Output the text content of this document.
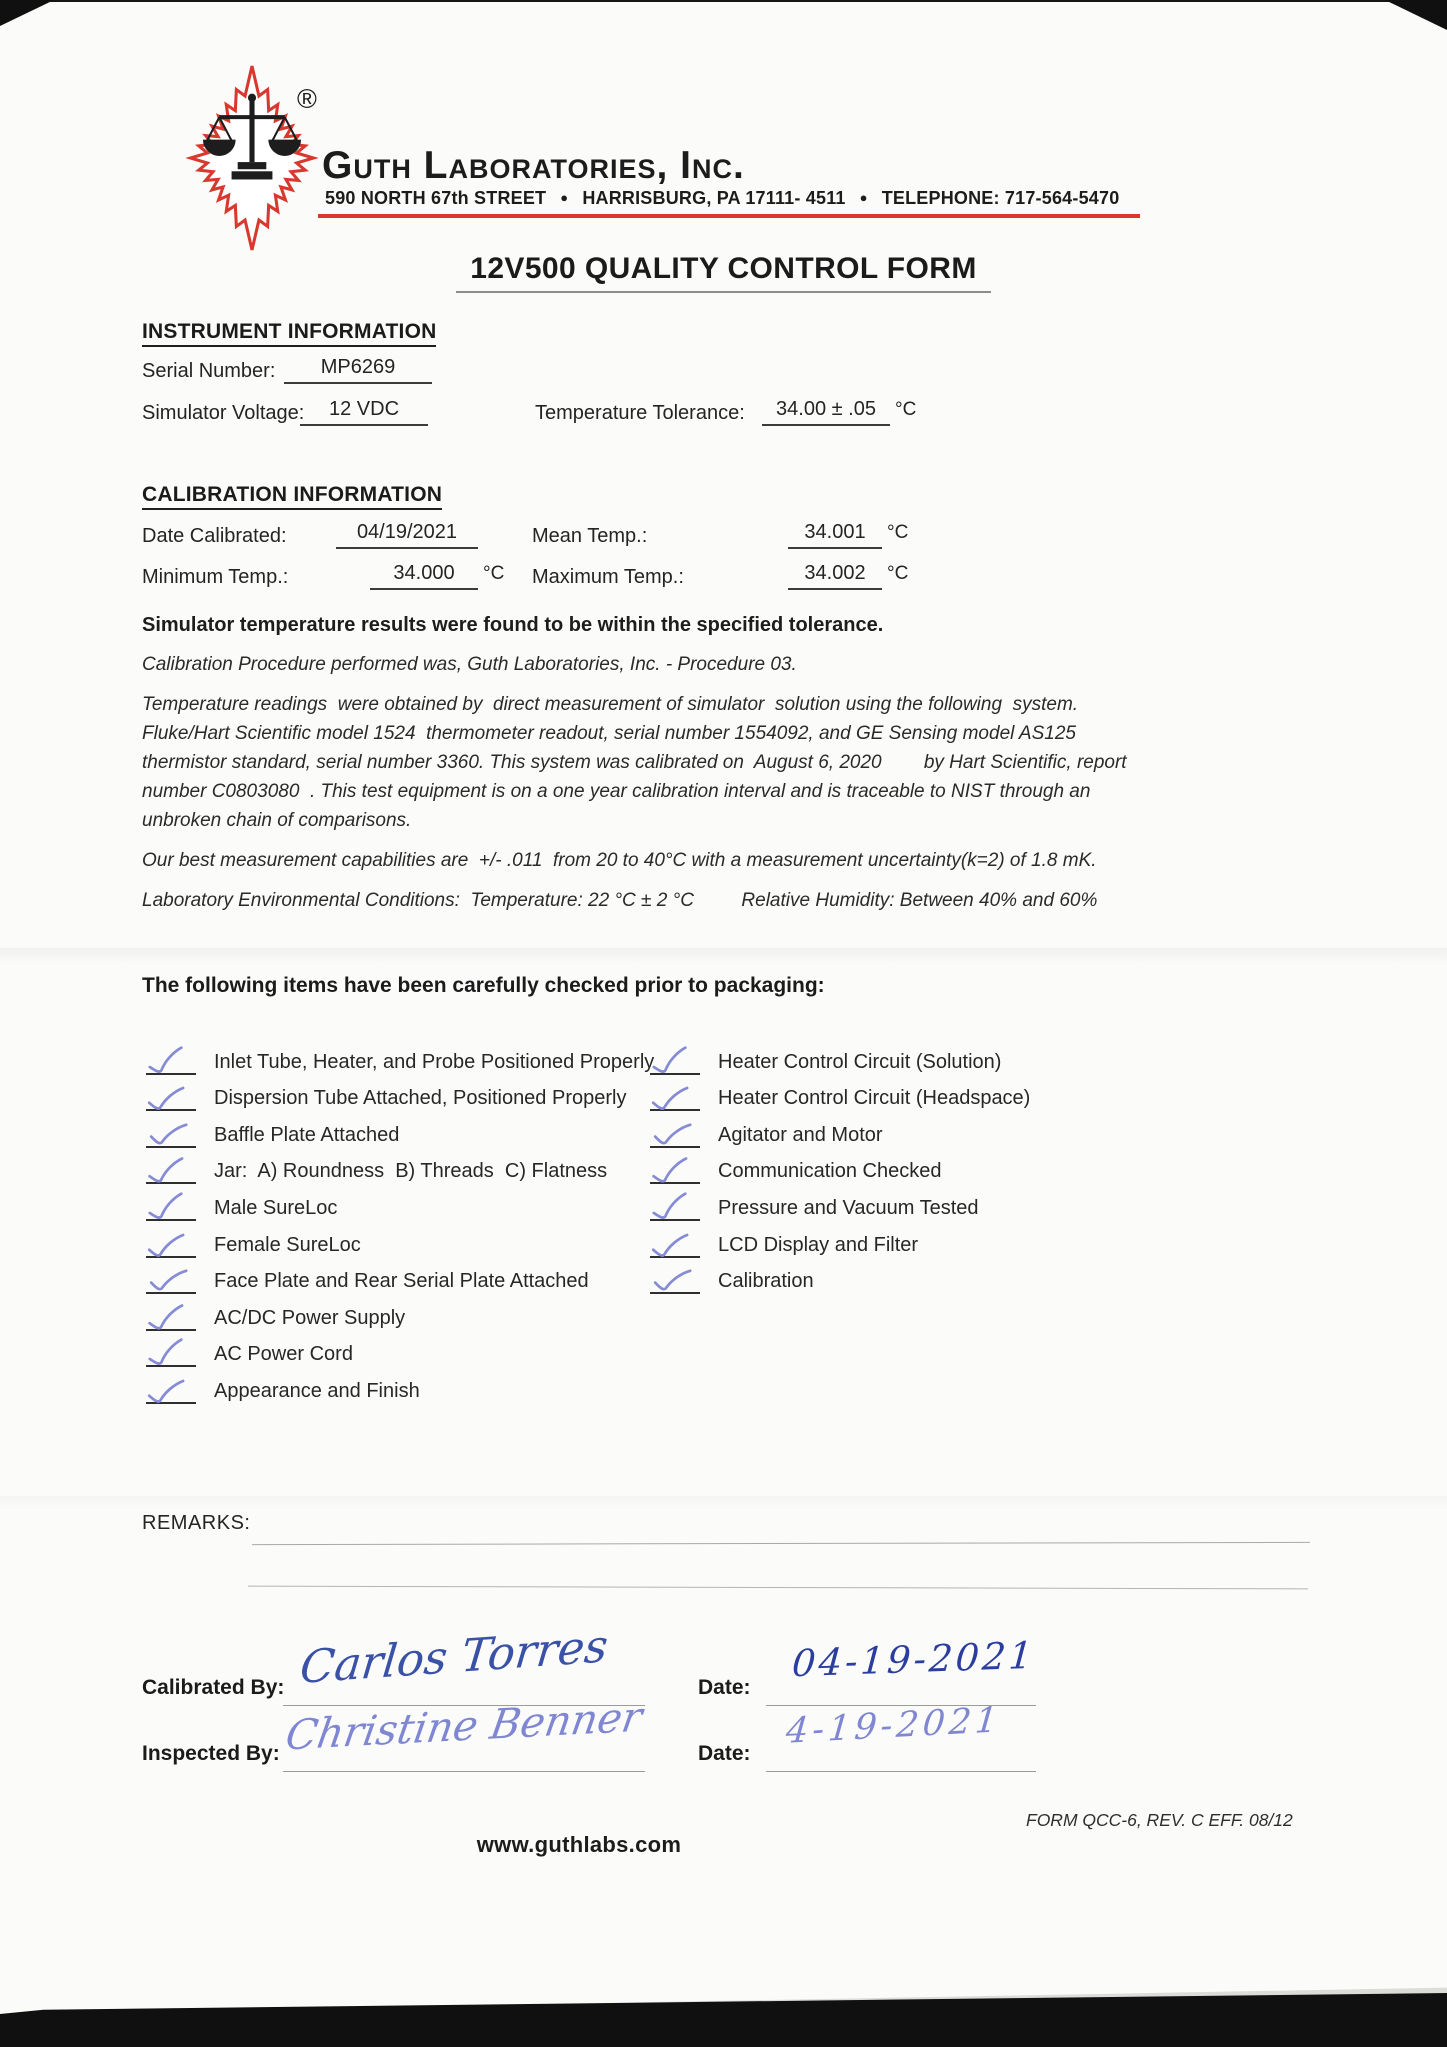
®
Guth Laboratories, Inc.
590 NORTH 67th STREET ● HARRISBURG, PA 17111- 4511 ● TELEPHONE: 717-564-5470
12V500 QUALITY CONTROL FORM
INSTRUMENT INFORMATION
Serial Number:	MP6269
Simulator Voltage:	12 VDC	Temperature Tolerance:	34.00 ± .05	°C
CALIBRATION INFORMATION
Date Calibrated:	04/19/2021	Mean Temp.:	34.001	°C
Minimum Temp.:	34.000	°C Maximum Temp.:	34.002	°C
Simulator temperature results were found to be within the specified tolerance.

Calibration Procedure performed was, Guth Laboratories, Inc. - Procedure 03.

Temperature readings  were obtained by  direct measurement of simulator  solution using the following  system. Fluke/Hart Scientific model 1524  thermometer readout, serial number 1554092, and GE Sensing model AS125 thermistor standard, serial number 3360. This system was calibrated on  August 6, 2020        by Hart Scientific, report number C0803080  . This test equipment is on a one year calibration interval and is traceable to NIST through an unbroken chain of comparisons.

Our best measurement capabilities are  +/- .011  from 20 to 40°C with a measurement uncertainty(k=2) of 1.8 mK.

Laboratory Environmental Conditions:  Temperature: 22 °C ± 2 °C         Relative Humidity: Between 40% and 60%

The following items have been carefully checked prior to packaging:
Inlet Tube, Heater, and Probe Positioned Properly
Dispersion Tube Attached, Positioned Properly
Baffle Plate Attached
Jar:  A) Roundness  B) Threads  C) Flatness
Male SureLoc
Female SureLoc
Face Plate and Rear Serial Plate Attached
AC/DC Power Supply
AC Power Cord
Appearance and Finish
Heater Control Circuit (Solution)
Heater Control Circuit (Headspace)
Agitator and Motor
Communication Checked
Pressure and Vacuum Tested
LCD Display and Filter
Calibration
REMARKS:
Calibrated By: Carlos Torres	Date:
04-19-2021
Inspected By: Christine Benner	Date:
4-19-2021
www.guthlabs.com
FORM QCC-6, REV. C EFF. 08/12
